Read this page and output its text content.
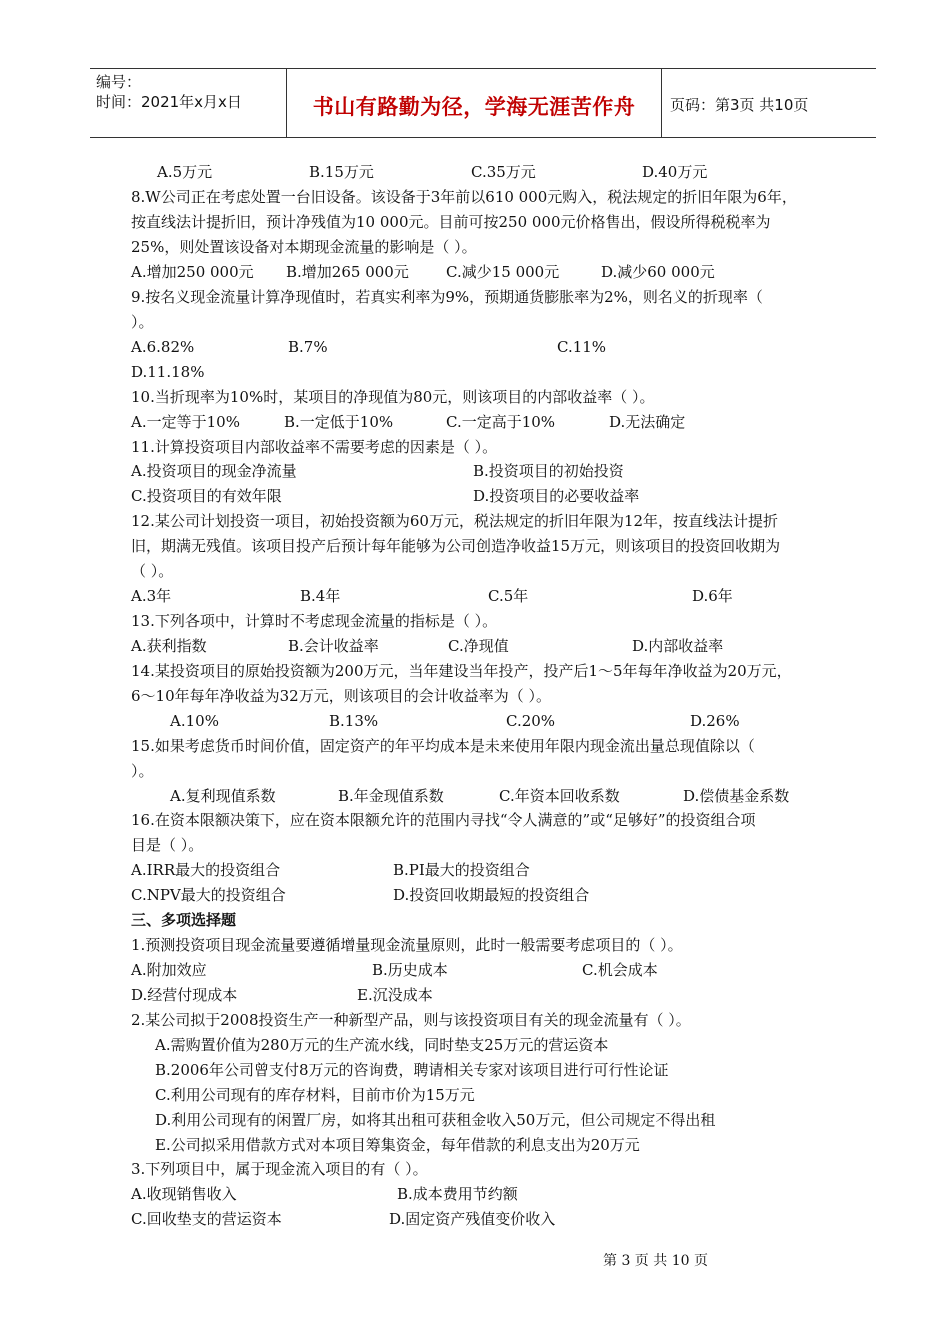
编号：
时间：2021年x月x日	书山有路勤为径，学海无涯苦作舟	页码：第3页 共10页
A.5万元	B.15万元	C.35万元	D.40万元
8.W公司正在考虑处置一台旧设备。该设备于3年前以610 000元购入，税法规定的折旧年限为6年，
按直线法计提折旧，预计净残值为10 000元。目前可按250 000元价格售出，假设所得税税率为
25%，则处置该设备对本期现金流量的影响是（ ）。
A.增加250 000元 B.增加265 000元 C.减少15 000元	D.减少60 000元
9.按名义现金流量计算净现值时，若真实利率为9%，预期通货膨胀率为2%，则名义的折现率（
）。
A.6.82%	B.7%	C.11%
D.11.18%
10.当折现率为10%时，某项目的净现值为80元，则该项目的内部收益率（ ）。
A.一定等于10%	B.一定低于10%	C.一定高于10%	D.无法确定
11.计算投资项目内部收益率不需要考虑的因素是（ ）。
A.投资项目的现金净流量	B.投资项目的初始投资
C.投资项目的有效年限	D.投资项目的必要收益率
12.某公司计划投资一项目，初始投资额为60万元，税法规定的折旧年限为12年，按直线法计提折
旧，期满无残值。该项目投产后预计每年能够为公司创造净收益15万元，则该项目的投资回收期为
（ ）。
A.3年	B.4年	C.5年	D.6年
13.下列各项中，计算时不考虑现金流量的指标是（ ）。
A.获利指数	B.会计收益率	C.净现值	D.内部收益率
14.某投资项目的原始投资额为200万元，当年建设当年投产，投产后1～5年每年净收益为20万元，
6～10年每年净收益为32万元，则该项目的会计收益率为（ ）。
A.10%	B.13%	C.20%	D.26%
15.如果考虑货币时间价值，固定资产的年平均成本是未来使用年限内现金流出量总现值除以（
）。
A.复利现值系数	B.年金现值系数	C.年资本回收系数	D.偿债基金系数
16.在资本限额决策下，应在资本限额允许的范围内寻找“令人满意的”或“足够好”的投资组合项
目是（ ）。
A.IRR最大的投资组合	B.PI最大的投资组合
C.NPV最大的投资组合	D.投资回收期最短的投资组合
三、多项选择题
1.预测投资项目现金流量要遵循增量现金流量原则，此时一般需要考虑项目的（ ）。
A.附加效应	B.历史成本	C.机会成本
D.经营付现成本	E.沉没成本
2.某公司拟于2008投资生产一种新型产品，则与该投资项目有关的现金流量有（ ）。
A.需购置价值为280万元的生产流水线，同时垫支25万元的营运资本
B.2006年公司曾支付8万元的咨询费，聘请相关专家对该项目进行可行性论证
C.利用公司现有的库存材料，目前市价为15万元
D.利用公司现有的闲置厂房，如将其出租可获租金收入50万元，但公司规定不得出租
E.公司拟采用借款方式对本项目筹集资金，每年借款的利息支出为20万元
3.下列项目中，属于现金流入项目的有（ ）。
A.收现销售收入	B.成本费用节约额
C.回收垫支的营运资本	D.固定资产残值变价收入
第 3 页 共 10 页
